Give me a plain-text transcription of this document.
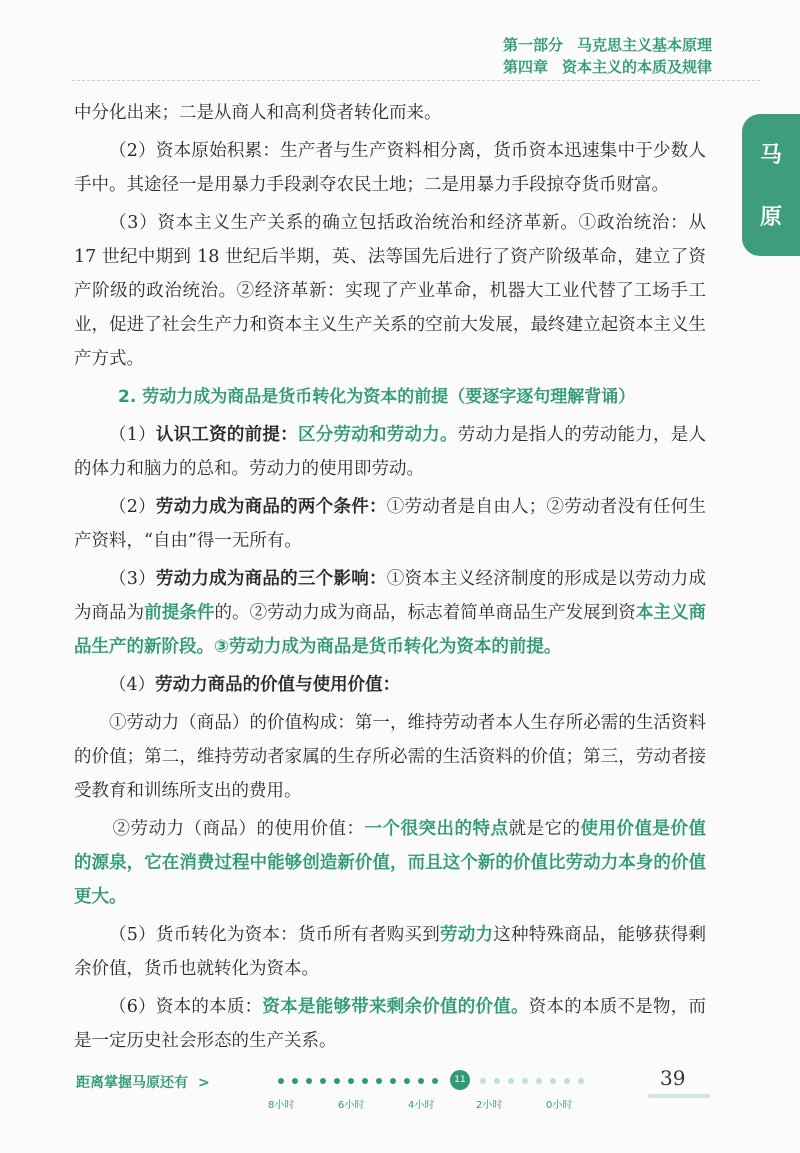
第一部分 马克思主义基本原理
第四章 资本主义的本质及规律
马
原

中分化出来；二是从商人和高利贷者转化而来。

（2）资本原始积累：生产者与生产资料相分离，货币资本迅速集中于少数人手中。其途径一是用暴力手段剥夺农民土地；二是用暴力手段掠夺货币财富。

（3）资本主义生产关系的确立包括政治统治和经济革新。①政治统治：从 17 世纪中期到 18 世纪后半期，英、法等国先后进行了资产阶级革命，建立了资产阶级的政治统治。②经济革新：实现了产业革命，机器大工业代替了工场手工业，促进了社会生产力和资本主义生产关系的空前大发展，最终建立起资本主义生产方式。

2. 劳动力成为商品是货币转化为资本的前提（要逐字逐句理解背诵）

（1）认识工资的前提：区分劳动和劳动力。劳动力是指人的劳动能力，是人的体力和脑力的总和。劳动力的使用即劳动。

（2）劳动力成为商品的两个条件：①劳动者是自由人；②劳动者没有任何生产资料，“自由”得一无所有。

（3）劳动力成为商品的三个影响：①资本主义经济制度的形成是以劳动力成为商品为前提条件的。②劳动力成为商品，标志着简单商品生产发展到资本主义商品生产的新阶段。③劳动力成为商品是货币转化为资本的前提。

（4）劳动力商品的价值与使用价值：

①劳动力（商品）的价值构成：第一，维持劳动者本人生存所必需的生活资料的价值；第二，维持劳动者家属的生存所必需的生活资料的价值；第三，劳动者接受教育和训练所支出的费用。

②劳动力（商品）的使用价值：一个很突出的特点就是它的使用价值是价值的源泉，它在消费过程中能够创造新价值，而且这个新的价值比劳动力本身的价值更大。

（5）货币转化为资本：货币所有者购买到劳动力这种特殊商品，能够获得剩余价值，货币也就转化为资本。

（6）资本的本质：资本是能够带来剩余价值的价值。资本的本质不是物，而是一定历史社会形态的生产关系。

距离掌握马原还有 >	11
8小时	6小时	4小时	2小时	0小时
39
